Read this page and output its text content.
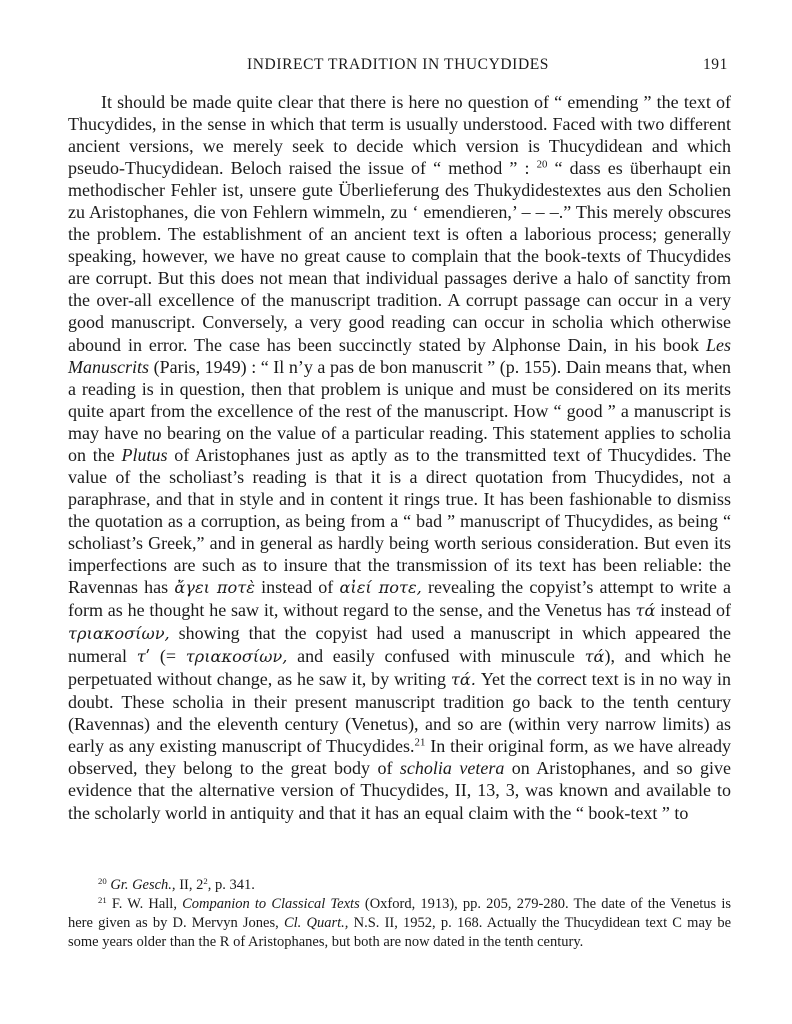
INDIRECT TRADITION IN THUCYDIDES	191

It should be made quite clear that there is here no question of “ emending ” the text of Thucydides, in the sense in which that term is usually understood. Faced with two different ancient versions, we merely seek to decide which version is Thucydidean and which pseudo-Thucydidean. Beloch raised the issue of “ method ” : $^{20}$ “ dass es überhaupt ein methodischer Fehler ist, unsere gute Überlieferung des Thukydidestextes aus den Scholien zu Aristophanes, die von Fehlern wimmeln, zu ‘ emendieren,’ – – –.” This merely obscures the problem. The establishment of an ancient text is often a laborious process; generally speaking, however, we have no great cause to complain that the book-texts of Thucydides are corrupt. But this does not mean that individual passages derive a halo of sanctity from the over-all excellence of the manuscript tradition. A corrupt passage can occur in a very good manuscript. Conversely, a very good reading can occur in scholia which otherwise abound in error. The case has been succinctly stated by Alphonse Dain, in his book Les Manuscrits (Paris, 1949) : “ Il n’y a pas de bon manuscrit ” (p. 155). Dain means that, when a reading is in question, then that problem is unique and must be considered on its merits quite apart from the excellence of the rest of the manuscript. How “ good ” a manuscript is may have no bearing on the value of a particular reading. This statement applies to scholia on the Plutus of Aristophanes just as aptly as to the transmitted text of Thucydides. The value of the scholiast’s reading is that it is a direct quotation from Thucydides, not a paraphrase, and that in style and in content it rings true. It has been fashionable to dismiss the quotation as a corruption, as being from a “ bad ” manuscript of Thucydides, as being “ scholiast’s Greek,” and in general as hardly being worth serious consideration. But even its imperfections are such as to insure that the transmission of its text has been reliable: the Ravennas has ἄγει ποτὲ instead of αἰεί ποτε, revealing the copyist’s attempt to write a form as he thought he saw it, without regard to the sense, and the Venetus has τά instead of τριακοσίων, showing that the copyist had used a manuscript in which appeared the numeral τʹ (= τριακοσίων, and easily confused with minuscule τά), and which he perpetuated without change, as he saw it, by writing τά. Yet the correct text is in no way in doubt. These scholia in their present manuscript tradition go back to the tenth century (Ravennas) and the eleventh century (Venetus), and so are (within very narrow limits) as early as any existing manuscript of Thucydides.$^{21}$ In their original form, as we have already observed, they belong to the great body of scholia vetera on Aristophanes, and so give evidence that the alternative version of Thucydides, II, 13, 3, was known and available to the scholarly world in antiquity and that it has an equal claim with the “ book-text ” to

$^{20}$ Gr. Gesch., II, $2^2$, p. 341.

$^{21}$ F. W. Hall, Companion to Classical Texts (Oxford, 1913), pp. 205, 279-280. The date of the Venetus is here given as by D. Mervyn Jones, Cl. Quart., N.S. II, 1952, p. 168. Actually the Thucydidean text C may be some years older than the R of Aristophanes, but both are now dated in the tenth century.
